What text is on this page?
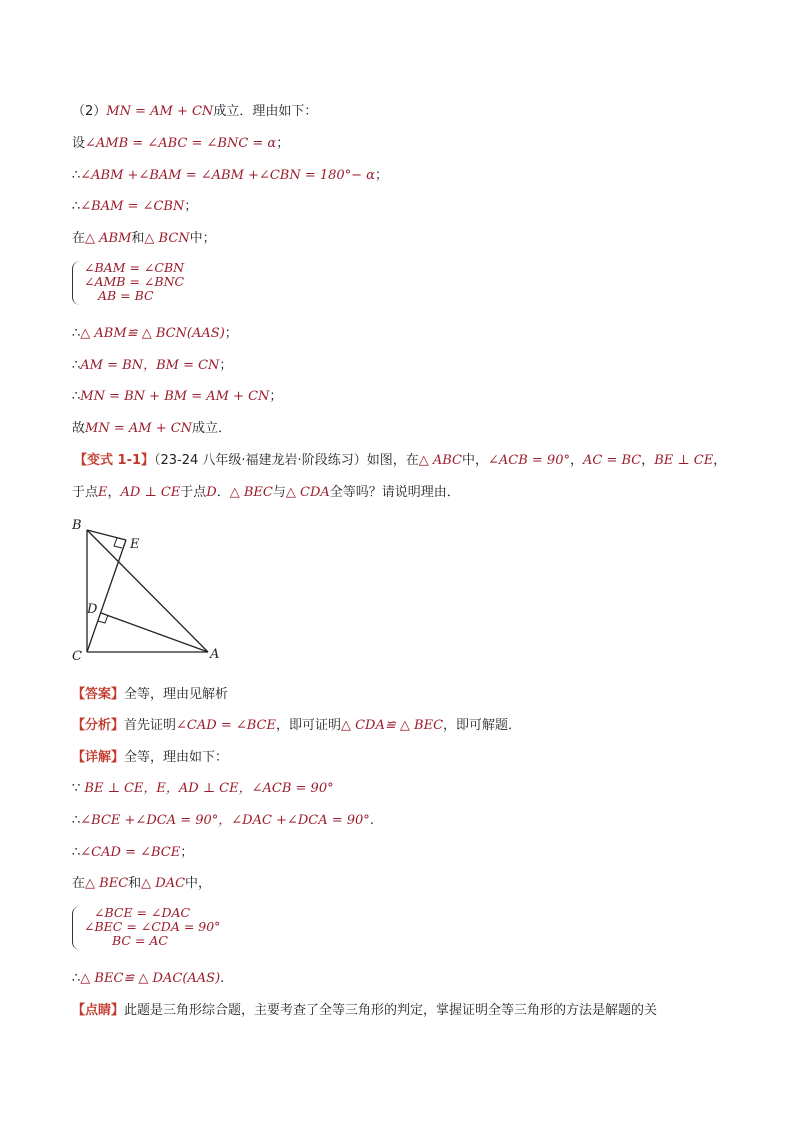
（2）MN = AM + CN成立．理由如下：
设∠AMB = ∠ABC = ∠BNC = α；
∴∠ABM +∠BAM = ∠ABM +∠CBN = 180°− α；
∴∠BAM = ∠CBN；
在△ ABM和△ BCN中；
∠BAM = ∠CBN
∠AMB = ∠BNC
AB = BC
∴△ ABM≌ △ BCN(AAS)；
∴AM = BN，BM = CN；
∴MN = BN + BM = AM + CN；
故MN = AM + CN成立．
【变式 1-1】（23-24 八年级·福建龙岩·阶段练习）如图，在△ ABC中，∠ACB = 90°，AC = BC，BE ⊥ CE，
于点E，AD ⊥ CE于点D．△ BEC与△ CDA全等吗？请说明理由．
B
E
D
C	A
【答案】全等，理由见解析
【分析】首先证明∠CAD = ∠BCE，即可证明△ CDA≌ △ BEC，即可解题．
【详解】全等，理由如下：
∵ BE ⊥ CE，E，AD ⊥ CE，∠ACB = 90°
∴∠BCE +∠DCA = 90°，∠DAC +∠DCA = 90°.
∴∠CAD = ∠BCE；
在△ BEC和△ DAC中，
∠BCE = ∠DAC
∠BEC = ∠CDA = 90°
BC = AC
∴△ BEC≌ △ DAC(AAS).
【点睛】此题是三角形综合题，主要考查了全等三角形的判定，掌握证明全等三角形的方法是解题的关
